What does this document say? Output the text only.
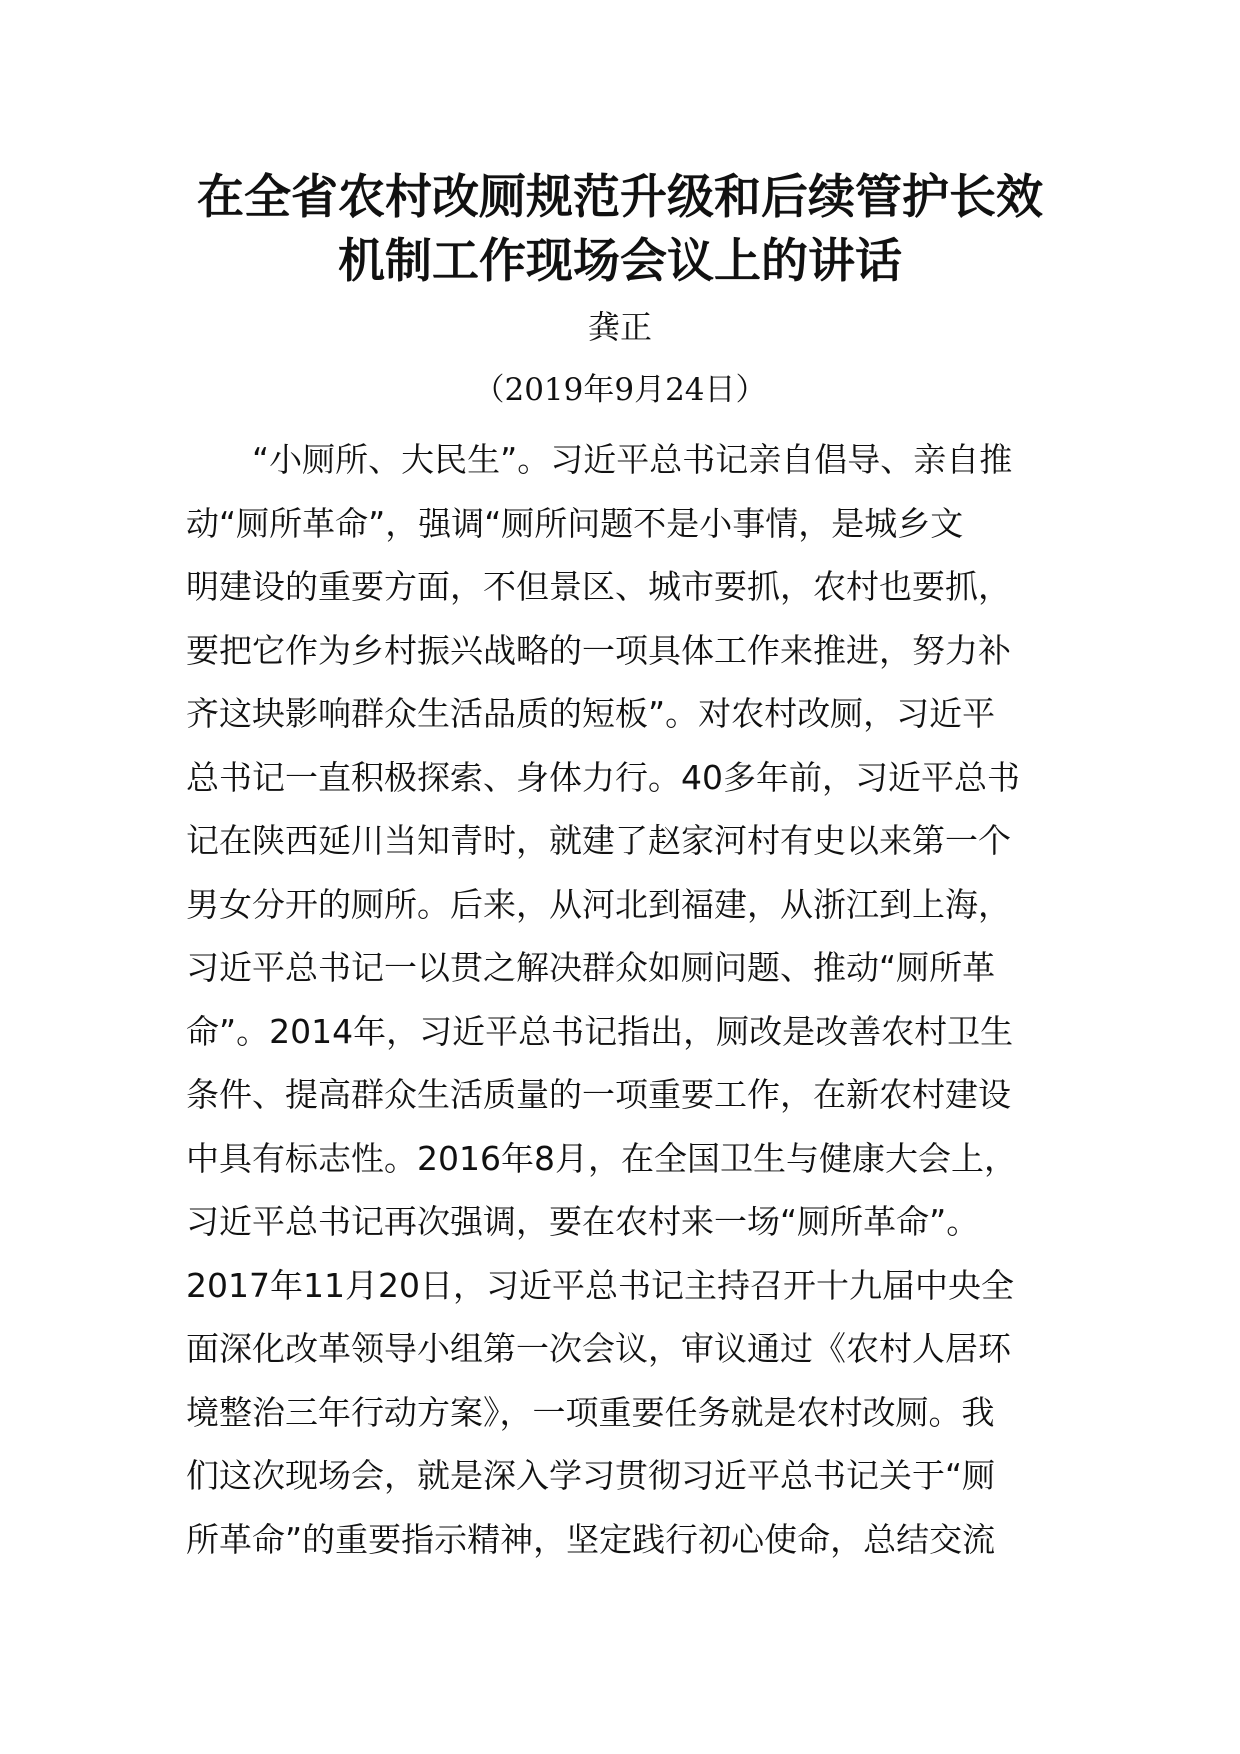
在全省农村改厕规范升级和后续管护长效
机制工作现场会议上的讲话

龚正

（2019年9月24日）

“小厕所、大民生”。习近平总书记亲自倡导、亲自推
动“厕所革命”，强调“厕所问题不是小事情，是城乡文
明建设的重要方面，不但景区、城市要抓，农村也要抓，
要把它作为乡村振兴战略的一项具体工作来推进，努力补
齐这块影响群众生活品质的短板”。对农村改厕，习近平
总书记一直积极探索、身体力行。40多年前，习近平总书
记在陕西延川当知青时，就建了赵家河村有史以来第一个
男女分开的厕所。后来，从河北到福建，从浙江到上海，
习近平总书记一以贯之解决群众如厕问题、推动“厕所革
命”。2014年，习近平总书记指出，厕改是改善农村卫生
条件、提高群众生活质量的一项重要工作，在新农村建设
中具有标志性。2016年8月，在全国卫生与健康大会上，
习近平总书记再次强调，要在农村来一场“厕所革命”。
2017年11月20日，习近平总书记主持召开十九届中央全
面深化改革领导小组第一次会议，审议通过《农村人居环
境整治三年行动方案》，一项重要任务就是农村改厕。我
们这次现场会，就是深入学习贯彻习近平总书记关于“厕
所革命”的重要指示精神，坚定践行初心使命，总结交流
